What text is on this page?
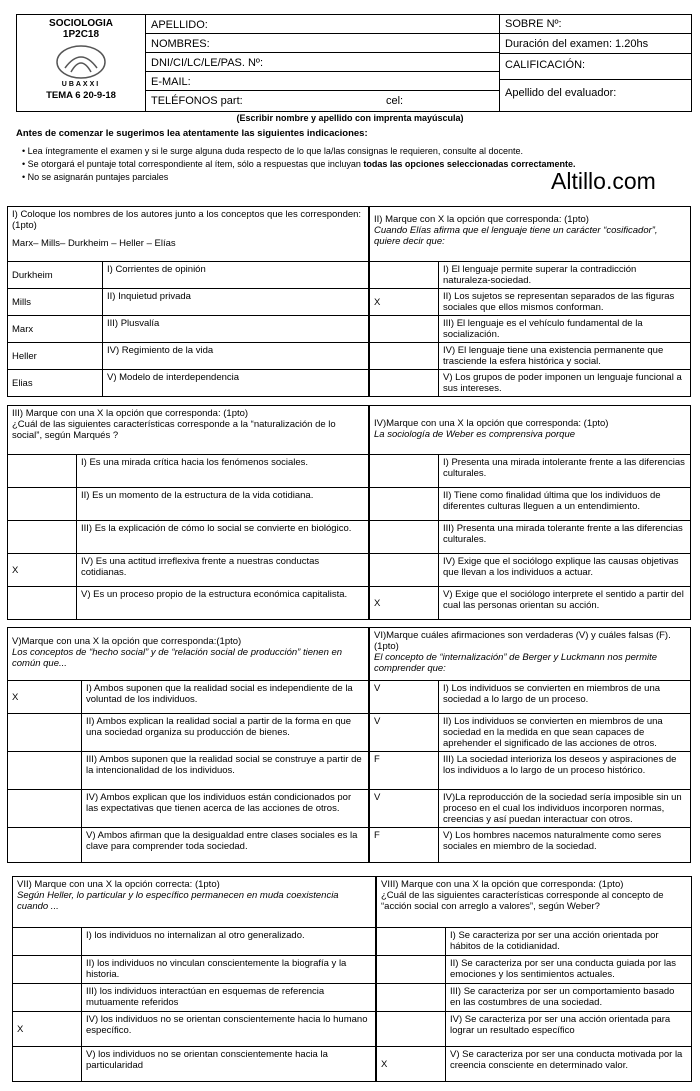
SOCIOLOGIA
1P2C18
UBAXXI
TEMA 6 20-9-18
APELLIDO:
NOMBRES:
DNI/CI/LC/LE/PAS. Nº:
E-MAIL:
TELÉFONOS part:	cel:
SOBRE Nº:
Duración del examen: 1.20hs
CALIFICACIÓN:
Apellido del evaluador:
(Escribir nombre y apellido con imprenta mayúscula)
Antes de comenzar le sugerimos lea atentamente las siguientes indicaciones:
• Lea íntegramente el examen y si le surge alguna duda respecto de lo que la/las consignas le requieren, consulte al docente.
• Se otorgará el puntaje total correspondiente al ítem, sólo a respuestas que incluyan todas las opciones seleccionadas correctamente.
• No se asignarán puntajes parciales	Altillo.com
I) Coloque los nombres de los autores junto a los conceptos que les corresponden:(1pto)
Marx– Mills– Durkheim – Heller – Elías	

Durkheim	I) Corrientes de opinión
Mills	II) Inquietud privada
Marx	III) Plusvalía
Heller	IV) Regimiento de la vida
Elias	V) Modelo de interdependencia
II) Marque con X la opción que corresponda: (1pto)
Cuando Elías afirma que el lenguaje tiene un carácter “cosificador”, quiere decir que:	

	I) El lenguaje permite superar la contradicción naturaleza-sociedad.
X	II) Los sujetos se representan separados de las figuras sociales que ellos mismos conforman.
	III) El lenguaje es el vehículo fundamental de la socialización.
	IV) El lenguaje tiene una existencia permanente que trasciende la esfera histórica y social.
	V) Los grupos de poder imponen un lenguaje funcional a sus intereses.
III) Marque con una X la opción que corresponda: (1pto)
¿Cuál de las siguientes características corresponde a la “naturalización de lo social”, según Marqués ?	

	I) Es una mirada crítica hacia los fenómenos sociales.
	II) Es un momento de la estructura de la vida cotidiana.
	III) Es la explicación de cómo lo social se convierte en biológico.
X	IV) Es una actitud irreflexiva frente a nuestras conductas cotidianas.
	V) Es un proceso propio de la estructura económica capitalista.
IV)Marque con una X la opción que corresponda: (1pto)
La sociología de Weber es comprensiva porque	

	I) Presenta una mirada intolerante frente a las diferencias culturales.
	II) Tiene como finalidad última que los individuos de diferentes culturas lleguen a un entendimiento.
	III) Presenta una mirada tolerante frente a las diferencias culturales.
	IV) Exige que el sociólogo explique las causas objetivas que llevan a los individuos a actuar.
X	V) Exige que el sociólogo interprete el sentido a partir del cual las personas orientan su acción.
V)Marque con una X la opción que corresponda:(1pto)
Los conceptos de “hecho social” y de “relación social de producción” tienen en común que...	

X	I) Ambos suponen que la realidad social es independiente de la voluntad de los individuos.
	II) Ambos explican la realidad social a partir de la forma en que una sociedad organiza su producción de bienes.
	III) Ambos suponen que la realidad social se construye a partir de la intencionalidad de los individuos.
	IV) Ambos explican que los individuos están condicionados por las expectativas que tienen acerca de las acciones de otros.
	V) Ambos afirman que la desigualdad entre clases sociales es la clave para comprender toda sociedad.
VI)Marque cuáles afirmaciones son verdaderas (V) y cuáles falsas (F).(1pto)
El concepto de “internalización” de Berger y Luckmann nos permite comprender que:	

V	I) Los individuos se convierten en miembros de una sociedad a lo largo de un proceso.
V	II) Los individuos se convierten en miembros de una sociedad en la medida en que sean capaces de aprehender el significado de las acciones de otros.
F	III) La sociedad interioriza los deseos y aspiraciones de los individuos a lo largo de un proceso histórico.
V	IV)La reproducción de la sociedad sería imposible sin un proceso en el cual los individuos incorporen normas, creencias y así puedan interactuar con otros.
F	V) Los hombres nacemos naturalmente como seres sociales en miembro de la sociedad.
VII) Marque con una X la opción correcta: (1pto)
Según Heller, lo particular y lo específico permanecen en muda coexistencia cuando ...	

	I) los individuos no internalizan al otro generalizado.
	II) los individuos no vinculan conscientemente la biografía y la historia.
	III) los individuos interactúan en esquemas de referencia mutuamente referidos
X	IV) los individuos no se orientan conscientemente hacia lo humano específico.
	V) los individuos no se orientan conscientemente hacia la particularidad
VIII) Marque con una X la opción que corresponda: (1pto)
¿Cuál de las siguientes características corresponde al concepto de “acción social con arreglo a valores”, según Weber?	

	I) Se caracteriza por ser una acción orientada por hábitos de la cotidianidad.
	II) Se caracteriza por ser una conducta guiada por las emociones y los sentimientos actuales.
	III) Se caracteriza por ser un comportamiento basado en las costumbres de una sociedad.
	IV) Se caracteriza por ser una acción orientada para lograr un resultado específico
X	V) Se caracteriza por ser una conducta motivada por la creencia consciente en determinado valor.
